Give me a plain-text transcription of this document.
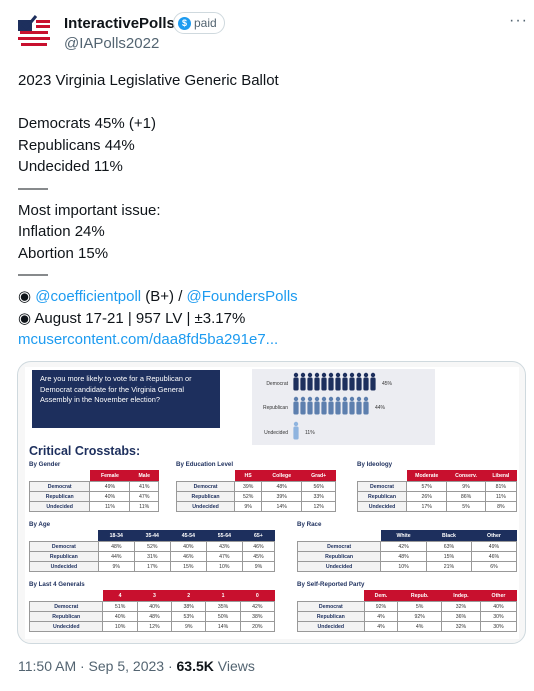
InteractivePolls $ paid
@IAPolls2022
···
2023 Virginia Legislative Generic Ballot
Democrats 45% (+1)
Republicans 44%
Undecided 11%
——
Most important issue:
Inflation 24%
Abortion 15%
——
◉ @coefficientpoll (B+) / @FoundersPolls
◉ August 17-21 | 957 LV | ±3.17%
mcusercontent.com/daa8fd5ba291e7...
Are you more likely to vote for a Republican or Democrat candidate for the Virginia General Assembly in the November election?
Democrat	45%
Republican	44%
Undecided	11%
Critical Crosstabs:
By Gender
	Female	Male
Democrat	49%	41%
Republican	40%	47%
Undecided	11%	11%
By Education Level
	HS	College	Grad+
Democrat	39%	48%	56%
Republican	52%	39%	33%
Undecided	9%	14%	12%
By Ideology
	Moderate	Conserv.	Liberal
Democrat	57%	9%	81%
Republican	26%	86%	11%
Undecided	17%	5%	8%
By Age
	18-34	35-44	45-54	55-64	65+
Democrat	48%	52%	40%	43%	46%
Republican	44%	31%	46%	47%	45%
Undecided	9%	17%	15%	10%	9%
By Race
	White	Black	Other
Democrat	42%	63%	49%
Republican	48%	15%	46%
Undecided	10%	21%	6%
By Last 4 Generals
	4	3	2	1	0
Democrat	51%	40%	38%	35%	42%
Republican	40%	48%	53%	50%	38%
Undecided	10%	12%	9%	14%	20%
By Self-Reported Party
	Dem.	Repub.	Indep.	Other
Democrat	92%	5%	32%	40%
Republican	4%	92%	36%	30%
Undecided	4%	4%	32%	30%
11:50 AM · Sep 5, 2023 · 63.5K Views
